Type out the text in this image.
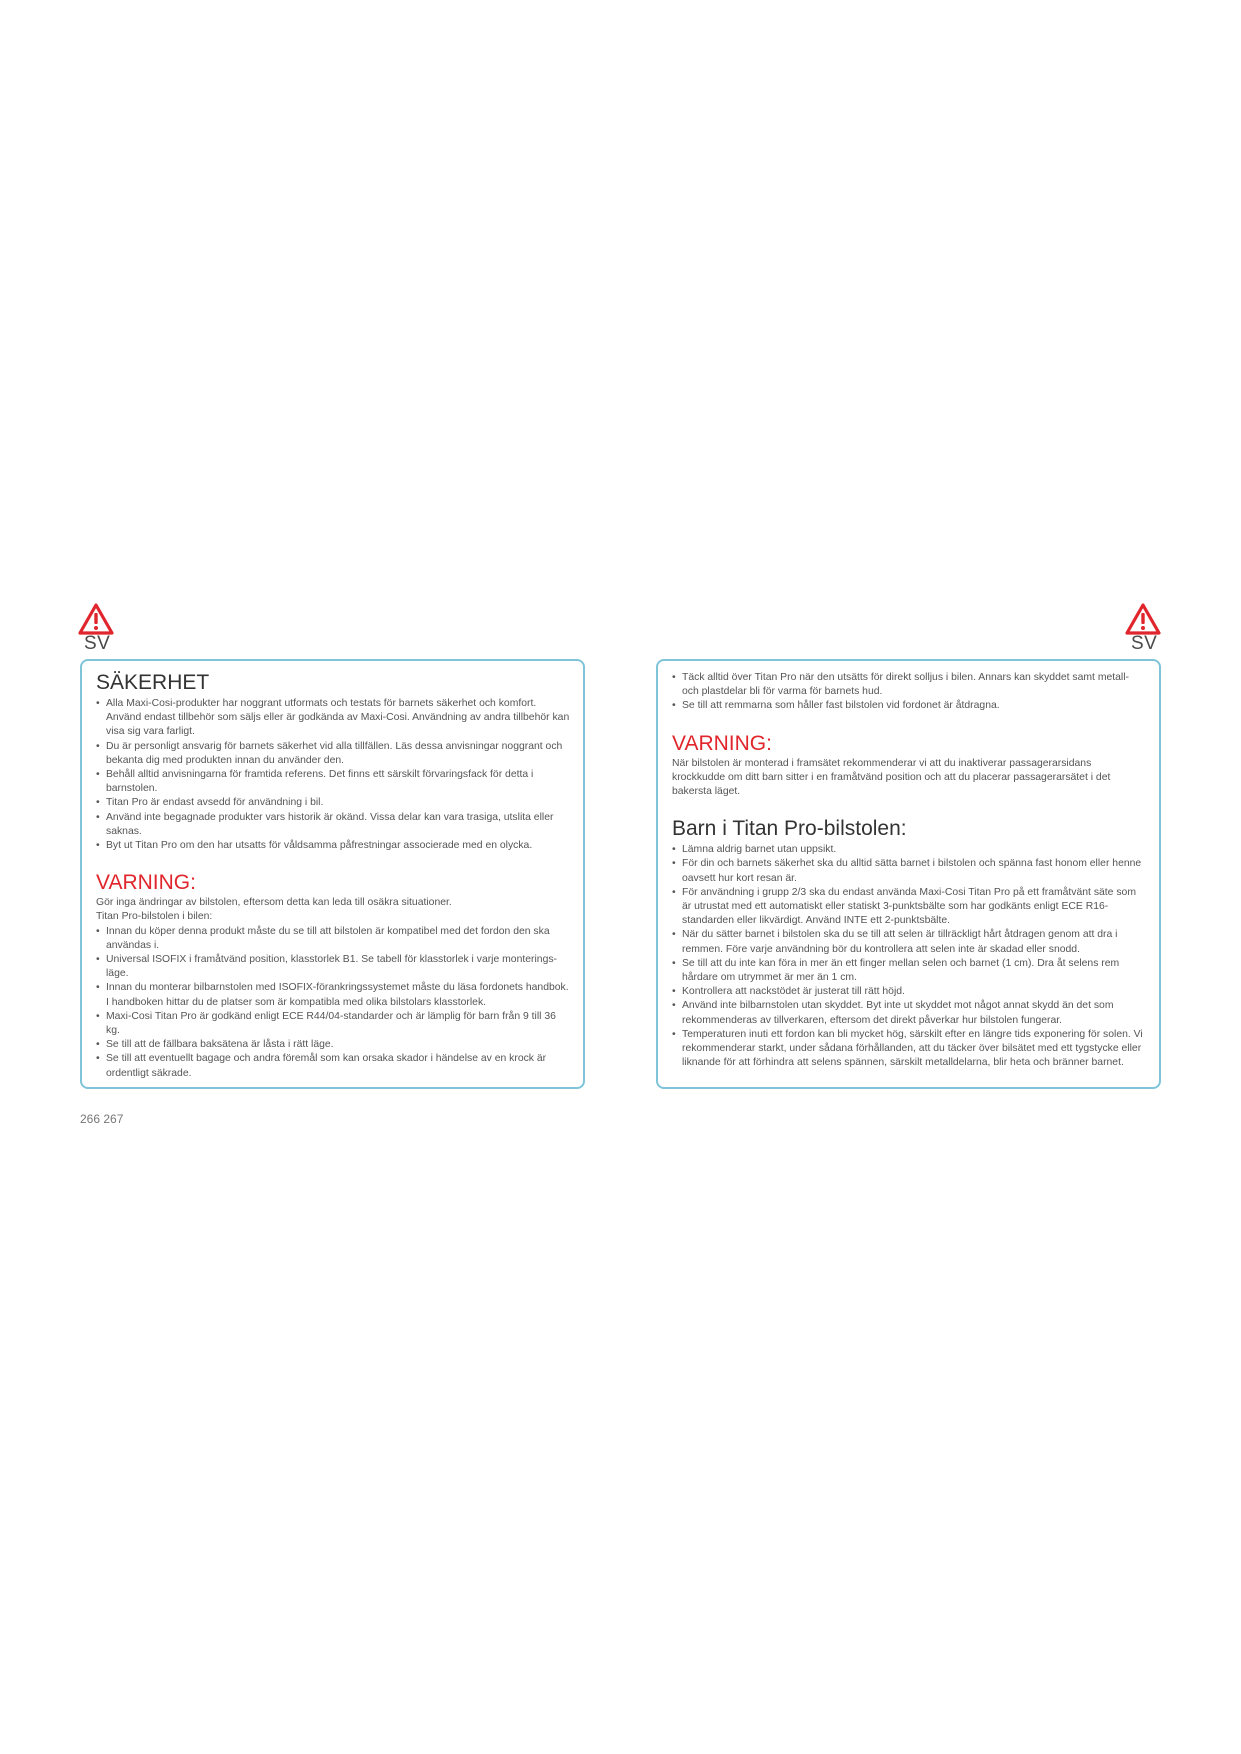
SV
SÄKERHET
• Alla Maxi-Cosi-produkter har noggrant utformats och testats för barnets säkerhet och komfort. Använd endast tillbehör som säljs eller är godkända av Maxi-Cosi. Användning av andra tillbehör kan visa sig vara farligt.
• Du är personligt ansvarig för barnets säkerhet vid alla tillfällen. Läs dessa anvisningar noggrant och bekanta dig med produkten innan du använder den.
• Behåll alltid anvisningarna för framtida referens. Det finns ett särskilt förvaringsfack för detta i barnstolen.
• Titan Pro är endast avsedd för användning i bil.
• Använd inte begagnade produkter vars historik är okänd. Vissa delar kan vara trasiga, utslita eller saknas.
• Byt ut Titan Pro om den har utsatts för våldsamma påfrestningar associerade med en olycka.
VARNING:

Gör inga ändringar av bilstolen, eftersom detta kan leda till osäkra situationer.

Titan Pro-bilstolen i bilen:

• Innan du köper denna produkt måste du se till att bilstolen är kompatibel med det fordon den ska användas i.
• Universal ISOFIX i framåtvänd position, klasstorlek B1. Se tabell för klasstorlek i varje monterings-läge.
• Innan du monterar bilbarnstolen med ISOFIX-förankringssystemet måste du läsa fordonets handbok. I handboken hittar du de platser som är kompatibla med olika bilstolars klasstorlek.
• Maxi-Cosi Titan Pro är godkänd enligt ECE R44/04-standarder och är lämplig för barn från 9 till 36 kg.
• Se till att de fällbara baksätena är låsta i rätt läge.
• Se till att eventuellt bagage och andra föremål som kan orsaka skador i händelse av en krock är ordentligt säkrade.
266 267
SV
• Täck alltid över Titan Pro när den utsätts för direkt solljus i bilen. Annars kan skyddet samt metall- och plastdelar bli för varma för barnets hud.
• Se till att remmarna som håller fast bilstolen vid fordonet är åtdragna.
VARNING:

När bilstolen är monterad i framsätet rekommenderar vi att du inaktiverar passagerarsidans krockkudde om ditt barn sitter i en framåtvänd position och att du placerar passagerarsätet i det bakersta läget.

Barn i Titan Pro-bilstolen:
• Lämna aldrig barnet utan uppsikt.
• För din och barnets säkerhet ska du alltid sätta barnet i bilstolen och spänna fast honom eller henne oavsett hur kort resan är.
• För användning i grupp 2/3 ska du endast använda Maxi-Cosi Titan Pro på ett framåtvänt säte som är utrustat med ett automatiskt eller statiskt 3-punktsbälte som har godkänts enligt ECE R16-standarden eller likvärdigt. Använd INTE ett 2-punktsbälte.
• När du sätter barnet i bilstolen ska du se till att selen är tillräckligt hårt åtdragen genom att dra i remmen. Före varje användning bör du kontrollera att selen inte är skadad eller snodd.
• Se till att du inte kan föra in mer än ett finger mellan selen och barnet (1 cm). Dra åt selens rem hårdare om utrymmet är mer än 1 cm.
• Kontrollera att nackstödet är justerat till rätt höjd.
• Använd inte bilbarnstolen utan skyddet. Byt inte ut skyddet mot något annat skydd än det som rekommenderas av tillverkaren, eftersom det direkt påverkar hur bilstolen fungerar.
• Temperaturen inuti ett fordon kan bli mycket hög, särskilt efter en längre tids exponering för solen. Vi rekommenderar starkt, under sådana förhållanden, att du täcker över bilsätet med ett tygstycke eller liknande för att förhindra att selens spännen, särskilt metalldelarna, blir heta och bränner barnet.
